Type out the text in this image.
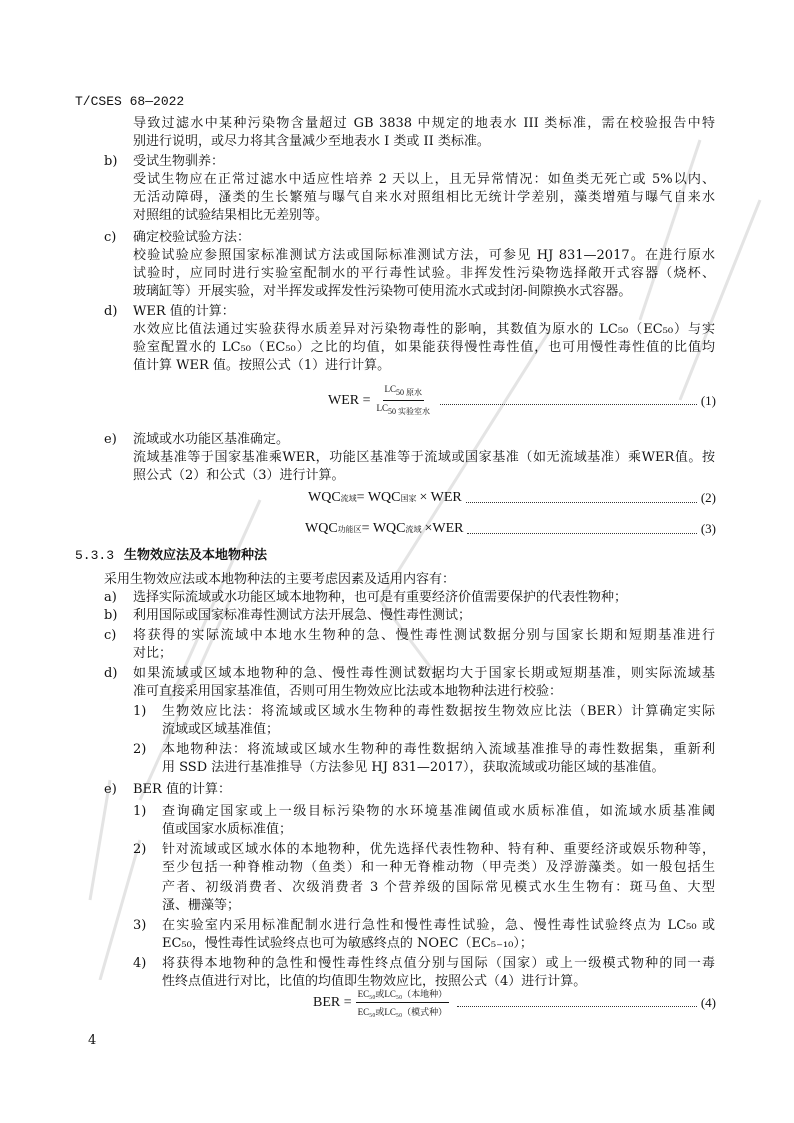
T/CSES 68—2022
导致过滤水中某种污染物含量超过 GB 3838 中规定的地表水 III 类标准，需在校验报告中特
别进行说明，或尽力将其含量减少至地表水 I 类或 II 类标准。
b)	受试生物驯养：
受试生物应在正常过滤水中适应性培养 2 天以上，且无异常情况：如鱼类无死亡或 5%以内、
无活动障碍，溞类的生长繁殖与曝气自来水对照组相比无统计学差别，藻类增殖与曝气自来水
对照组的试验结果相比无差别等。
c)	确定校验试验方法：
校验试验应参照国家标准测试方法或国际标准测试方法，可参见 HJ 831—2017。在进行原水
试验时，应同时进行实验室配制水的平行毒性试验。非挥发性污染物选择敞开式容器（烧杯、
玻璃缸等）开展实验，对半挥发或挥发性污染物可使用流水式或封闭-间隙换水式容器。
d)	WER 值的计算：
水效应比值法通过实验获得水质差异对污染物毒性的影响，其数值为原水的 LC₅₀（EC₅₀）与实
验室配置水的 LC₅₀（EC₅₀）之比的均值，如果能获得慢性毒性值，也可用慢性毒性值的比值均
值计算 WER 值。按照公式（1）进行计算。
WER = $\frac{\text{LC50 原水}}{\text{LC50 实验室水}}$	(1)
e)	流域或水功能区基准确定。
流域基准等于国家基准乘WER，功能区基准等于流域或国家基准（如无流域基准）乘WER值。按
照公式（2）和公式（3）进行计算。
WQC 流域 = WQC 国家 × WER	(2)
WQC 功能区 = WQC 流域 ×WER	(3)
5.3.3 生物效应法及本地物种法
采用生物效应法或本地物种法的主要考虑因素及适用内容有：
a)	选择实际流域或水功能区域本地物种，也可是有重要经济价值需要保护的代表性物种；
b)	利用国际或国家标准毒性测试方法开展急、慢性毒性测试；
c)	将获得的实际流域中本地水生物种的急、慢性毒性测试数据分别与国家长期和短期基准进行
对比；
d)	如果流域或区域本地物种的急、慢性毒性测试数据均大于国家长期或短期基准，则实际流域基
准可直接采用国家基准值，否则可用生物效应比法或本地物种法进行校验：
1)	生物效应比法：将流域或区域水生物种的毒性数据按生物效应比法（BER）计算确定实际
流域或区域基准值；
2)	本地物种法：将流域或区域水生物种的毒性数据纳入流域基准推导的毒性数据集，重新利
用 SSD 法进行基准推导（方法参见 HJ 831—2017），获取流域或功能区域的基准值。
e)	BER 值的计算：
1)	查询确定国家或上一级目标污染物的水环境基准阈值或水质标准值，如流域水质基准阈
值或国家水质标准值；
2)	针对流域或区域水体的本地物种，优先选择代表性物种、特有种、重要经济或娱乐物种等，
至少包括一种脊椎动物（鱼类）和一种无脊椎动物（甲壳类）及浮游藻类。如一般包括生
产者、初级消费者、次级消费者 3 个营养级的国际常见模式水生生物有：斑马鱼、大型
溞、栅藻等；
3)	在实验室内采用标准配制水进行急性和慢性毒性试验，急、慢性毒性试验终点为 LC₅₀ 或
EC₅₀，慢性毒性试验终点也可为敏感终点的 NOEC（EC₅₋₁₀）；
4)	将获得本地物种的急性和慢性毒性终点值分别与国际（国家）或上一级模式物种的同一毒
性终点值进行对比，比值的均值即生物效应比，按照公式（4）进行计算。
BER = $\frac{\text{EC₅₀或LC₅₀（本地种）}}{\text{EC₅₀或LC₅₀（模式种）}}$	(4)
4
